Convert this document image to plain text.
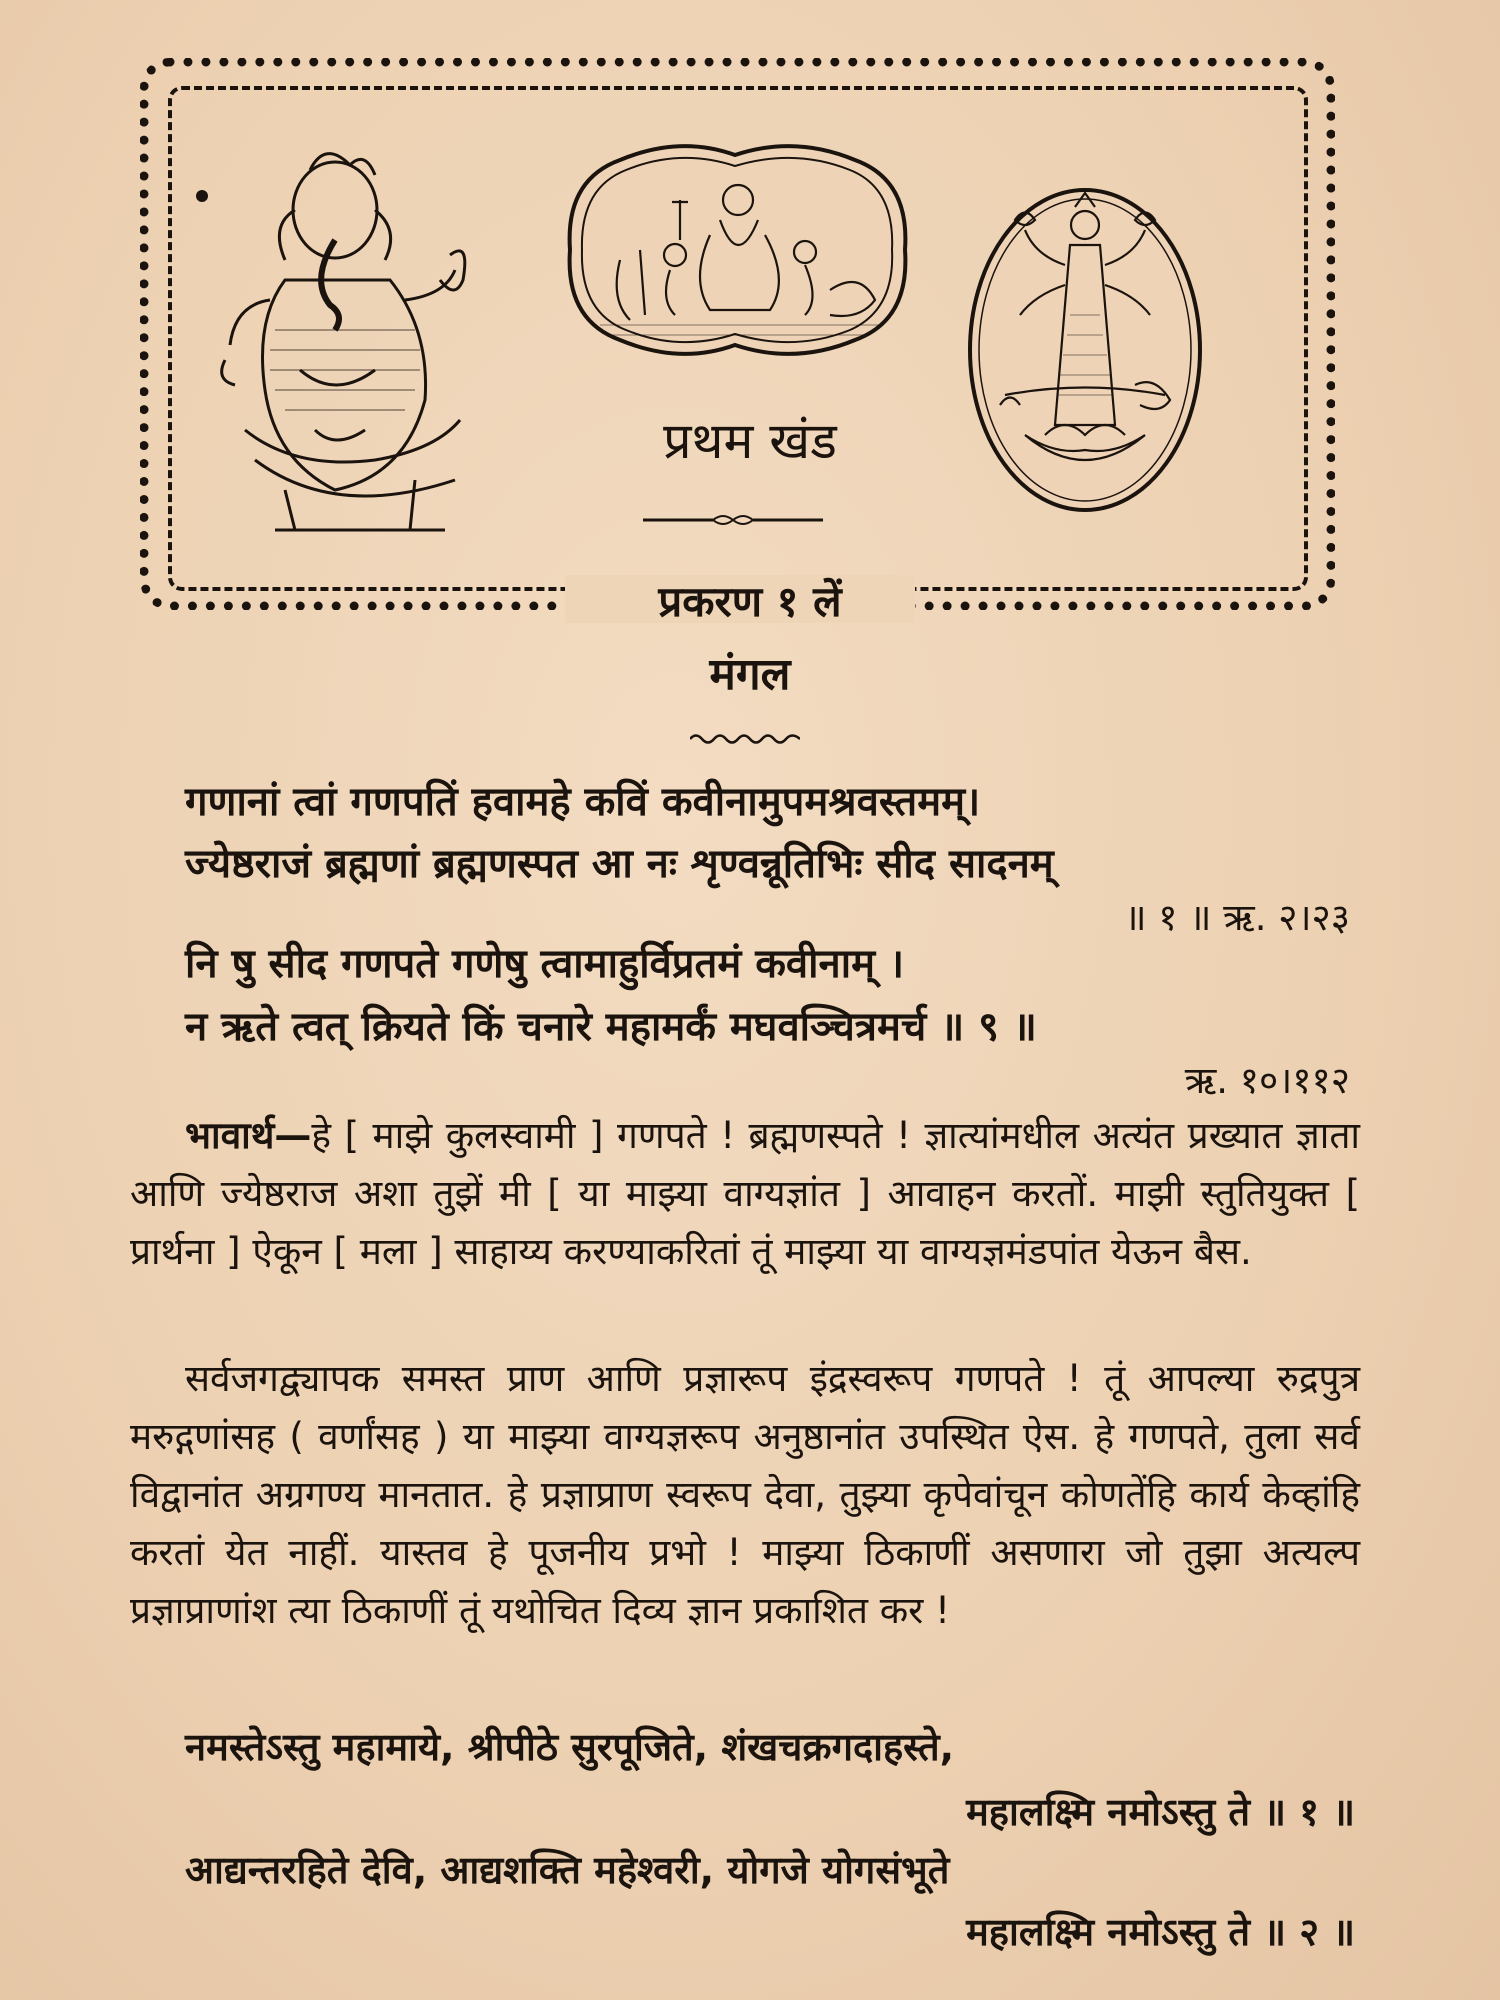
प्रथम खंड
प्रकरण १ लें
मंगल
गणानां त्वां गणपतिं हवामहे कविं कवीनामुपमश्रवस्तमम्।
ज्येष्ठराजं ब्रह्मणां ब्रह्मणस्पत आ नः शृण्वन्नूतिभिः सीद सादनम्
॥ १ ॥ ऋ. २।२३
नि षु सीद गणपते गणेषु त्वामाहुर्विप्रतमं कवीनाम् ।
न ऋते त्वत् क्रियते किं चनारे महामर्कं मघवञ्चित्रमर्च ॥ ९ ॥
ऋ. १०।११२
भावार्थ—हे [ माझे कुलस्वामी ] गणपते ! ब्रह्मणस्पते ! ज्ञात्यांमधील अत्यंत प्रख्यात ज्ञाता आणि ज्येष्ठराज अशा तुझें मी [ या माझ्या वाग्यज्ञांत ] आवाहन करतों. माझी स्तुतियुक्त [ प्रार्थना ] ऐकून [ मला ] साहाय्य करण्याकरितां तूं माझ्या या वाग्यज्ञमंडपांत येऊन बैस.
सर्वजगद्व्यापक समस्त प्राण आणि प्रज्ञारूप इंद्रस्वरूप गणपते ! तूं आपल्या रुद्रपुत्र मरुद्गणांसह ( वर्णांसह ) या माझ्या वाग्यज्ञरूप अनुष्ठानांत उपस्थित ऐस. हे गणपते, तुला सर्व विद्वानांत अग्रगण्य मानतात. हे प्रज्ञाप्राण स्वरूप देवा, तुझ्या कृपेवांचून कोणतेंहि कार्य केव्हांहि करतां येत नाहीं. यास्तव हे पूजनीय प्रभो ! माझ्या ठिकाणीं असणारा जो तुझा अत्यल्प प्रज्ञाप्राणांश त्या ठिकाणीं तूं यथोचित दिव्य ज्ञान प्रकाशित कर !
नमस्तेऽस्तु महामाये, श्रीपीठे सुरपूजिते, शंखचक्रगदाहस्ते,
महालक्ष्मि नमोऽस्तु ते ॥ १ ॥
आद्यन्तरहिते देवि, आद्यशक्ति महेश्वरी, योगजे योगसंभूते
महालक्ष्मि नमोऽस्तु ते ॥ २ ॥
